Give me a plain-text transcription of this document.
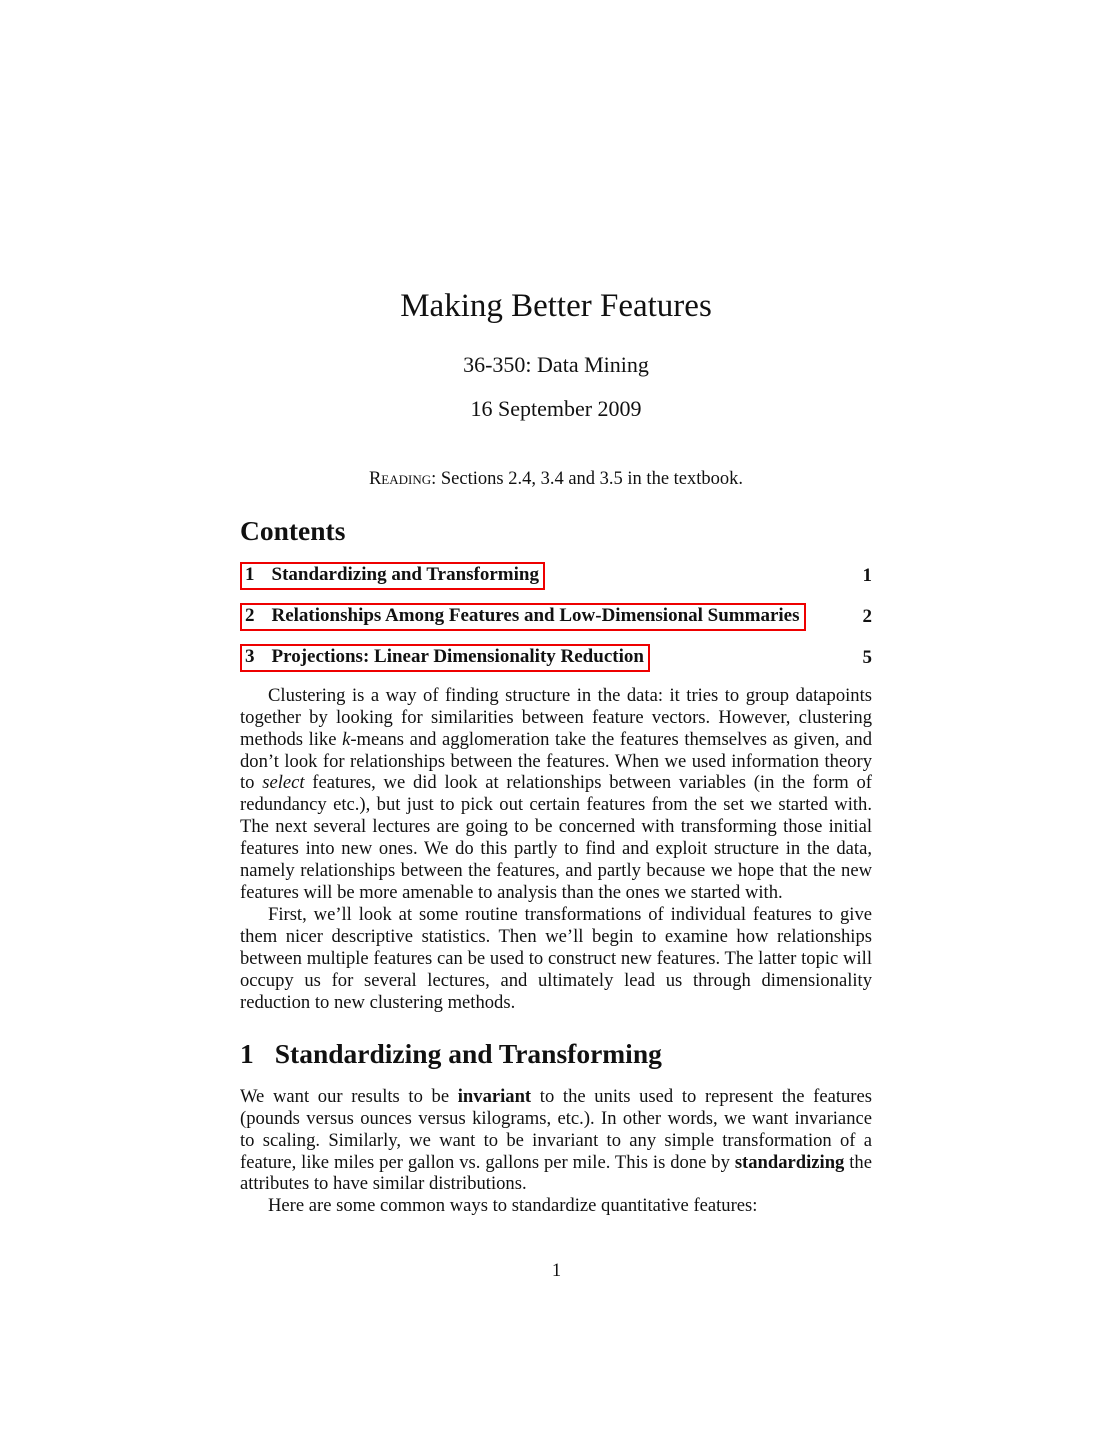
Making Better Features
36-350: Data Mining
16 September 2009

Reading: Sections 2.4, 3.4 and 3.5 in the textbook.

Contents
1 Standardizing and Transforming	1
2 Relationships Among Features and Low-Dimensional Summaries	2
3 Projections: Linear Dimensionality Reduction	5

Clustering is a way of finding structure in the data: it tries to group datapoints together by looking for similarities between feature vectors. However, clustering methods like k-means and agglomeration take the features themselves as given, and don’t look for relationships between the features. When we used information theory to select features, we did look at relationships between variables (in the form of redundancy etc.), but just to pick out certain features from the set we started with. The next several lectures are going to be concerned with transforming those initial features into new ones. We do this partly to find and exploit structure in the data, namely relationships between the features, and partly because we hope that the new features will be more amenable to analysis than the ones we started with.

First, we’ll look at some routine transformations of individual features to give them nicer descriptive statistics. Then we’ll begin to examine how relationships between multiple features can be used to construct new features. The latter topic will occupy us for several lectures, and ultimately lead us through dimensionality reduction to new clustering methods.

1 Standardizing and Transforming

We want our results to be invariant to the units used to represent the features (pounds versus ounces versus kilograms, etc.). In other words, we want invariance to scaling. Similarly, we want to be invariant to any simple transformation of a feature, like miles per gallon vs. gallons per mile. This is done by standardizing the attributes to have similar distributions.

Here are some common ways to standardize quantitative features:

1
